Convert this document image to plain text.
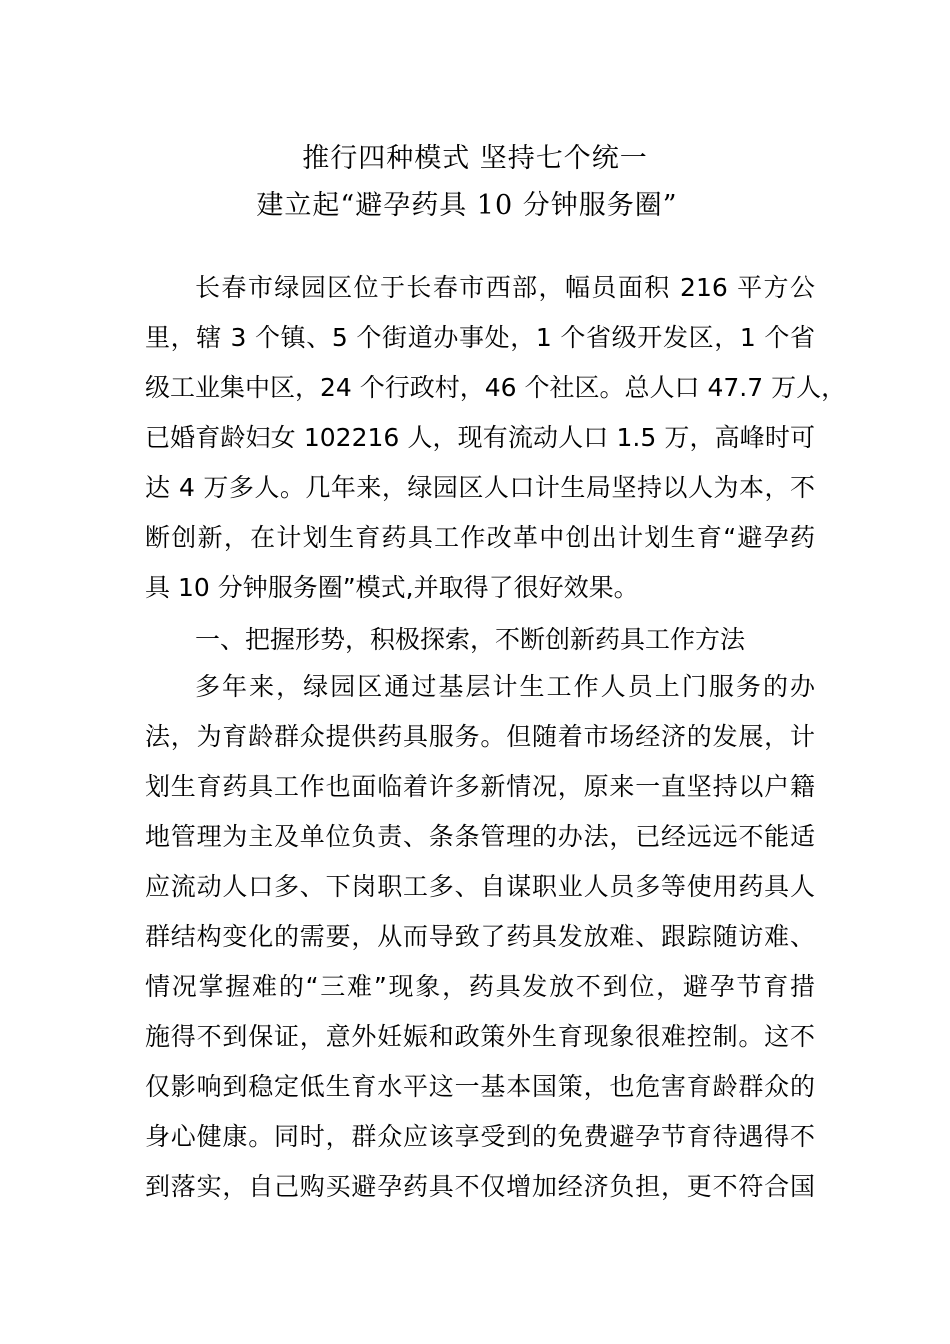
推行四种模式 坚持七个统一
建立起“避孕药具 10 分钟服务圈”
长春市绿园区位于长春市西部，幅员面积 216 平方公
里，辖 3 个镇、5 个街道办事处，1 个省级开发区，1 个省
级工业集中区，24 个行政村，46 个社区。总人口 47.7 万人，
已婚育龄妇女 102216 人，现有流动人口 1.5 万，高峰时可
达 4 万多人。几年来，绿园区人口计生局坚持以人为本，不
断创新，在计划生育药具工作改革中创出计划生育“避孕药
具 10 分钟服务圈”模式,并取得了很好效果。
一、把握形势，积极探索，不断创新药具工作方法
多年来，绿园区通过基层计生工作人员上门服务的办
法，为育龄群众提供药具服务。但随着市场经济的发展，计
划生育药具工作也面临着许多新情况，原来一直坚持以户籍
地管理为主及单位负责、条条管理的办法，已经远远不能适
应流动人口多、下岗职工多、自谋职业人员多等使用药具人
群结构变化的需要，从而导致了药具发放难、跟踪随访难、
情况掌握难的“三难”现象，药具发放不到位，避孕节育措
施得不到保证，意外妊娠和政策外生育现象很难控制。这不
仅影响到稳定低生育水平这一基本国策，也危害育龄群众的
身心健康。同时，群众应该享受到的免费避孕节育待遇得不
到落实，自己购买避孕药具不仅增加经济负担，更不符合国
